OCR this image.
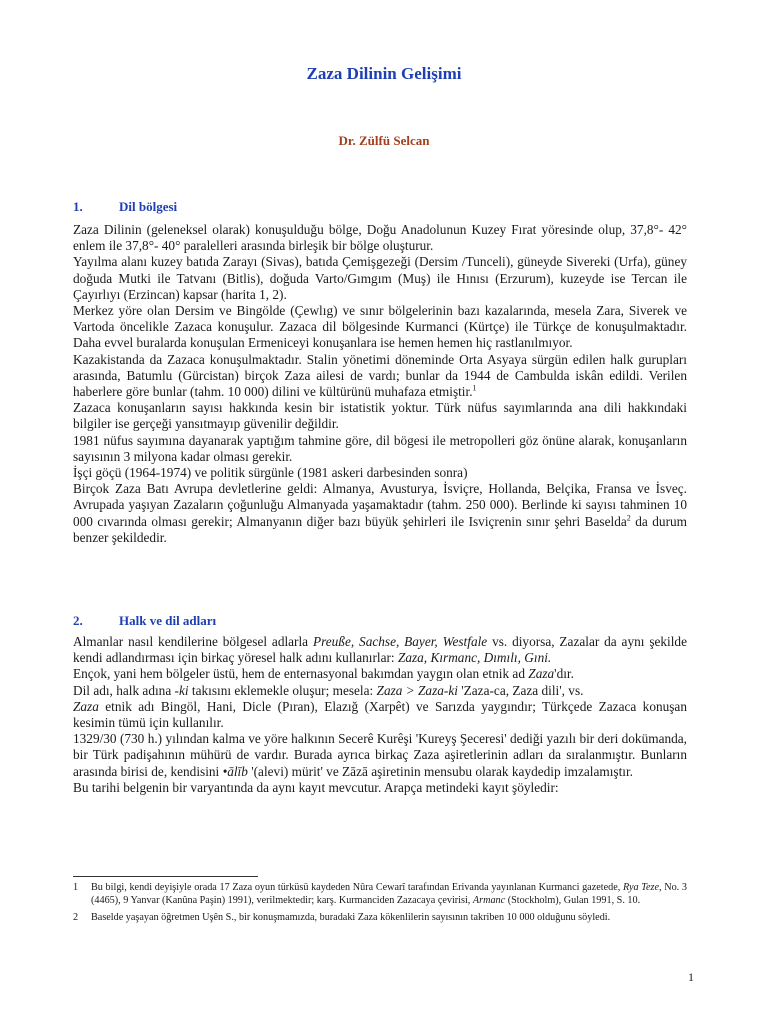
Zaza Dilinin Gelişimi
Dr. Zülfü Selcan
1.	Dil bölgesi

Zaza Dilinin (geleneksel olarak) konuşulduğu bölge, Doğu Anadolunun Kuzey Fırat yöresinde olup, 37,8°- 42° enlem ile 37,8°- 40° paralelleri arasında birleşik bir bölge oluşturur.

Yayılma alanı kuzey batıda Zarayı (Sivas), batıda Çemişgezeği (Dersim /Tunceli), güneyde Sivereki (Urfa), güney doğuda Mutki ile Tatvanı (Bitlis), doğuda Varto/Gımgım (Muş) ile Hınısı (Erzurum), kuzeyde ise Tercan ile Çayırlıyı (Erzincan) kapsar (harita 1, 2).

Merkez yöre olan Dersim ve Bingölde (Çewlıg) ve sınır bölgelerinin bazı kazalarında, mesela Zara, Siverek ve Vartoda öncelikle Zazaca konuşulur. Zazaca dil bölgesinde Kurmanci (Kürtçe) ile Türkçe de konuşulmaktadır. Daha evvel buralarda konuşulan Ermeniceyi konuşanlara ise hemen hemen hiç rastlanılmıyor.

Kazakistanda da Zazaca konuşulmaktadır. Stalin yönetimi döneminde Orta Asyaya sürgün edilen halk gurupları arasında, Batumlu (Gürcistan) birçok Zaza ailesi de vardı; bunlar da 1944 de Cambulda iskân edildi. Verilen haberlere göre bunlar (tahm. 10 000) dilini ve kültürünü muhafaza etmiştir.$^1$

Zazaca konuşanların sayısı hakkında kesin bir istatistik yoktur. Türk nüfus sayımlarında ana dili hakkındaki bilgiler ise gerçeği yansıtmayıp güvenilir değildir.

1981 nüfus sayımına dayanarak yaptığım tahmine göre, dil bögesi ile metropolleri göz önüne alarak, konuşanların sayısının 3 milyona kadar olması gerekir.

İşçi göçü (1964-1974) ve politik sürgünle (1981 askeri darbesinden sonra)

Birçok Zaza Batı Avrupa devletlerine geldi: Almanya, Avusturya, İsviçre, Hollanda, Belçika, Fransa ve İsveç. Avrupada yaşıyan Zazaların çoğunluğu Almanyada yaşamaktadır (tahm. 250 000). Berlinde ki sayısı tahminen 10 000 cıvarında olması gerekir; Almanyanın diğer bazı büyük şehirleri ile Isviçrenin sınır şehri Baselda$^2$ da durum benzer şekildedir.

2.	Halk ve dil adları

Almanlar nasıl kendilerine bölgesel adlarla Preuße, Sachse, Bayer, Westfale vs. diyorsa, Zazalar da aynı şekilde kendi adlandırması için birkaç yöresel halk adını kullanırlar: Zaza, Kırmanc, Dımılı, Gıni.

Ençok, yani hem bölgeler üstü, hem de enternasyonal bakımdan yaygın olan etnik ad Zaza'dır.

Dil adı, halk adına -ki takısını eklemekle oluşur; mesela: Zaza > Zaza-ki 'Zaza-ca, Zaza dili', vs.

Zaza etnik adı Bingöl, Hani, Dicle (Pıran), Elazığ (Xarpêt) ve Sarızda yaygındır; Türkçede Zazaca konuşan kesimin tümü için kullanılır.

1329/30 (730 h.) yılından kalma ve yöre halkının Secerê Kurêşi 'Kureyş Şeceresi' dediği yazılı bir deri dokümanda, bir Türk padişahının mühürü de vardır. Burada ayrıca birkaç Zaza aşiretlerinin adları da sıralanmıştır. Bunların arasında birisi de, kendisini •ālīb '(alevi) mürit' ve Zāzā aşiretinin mensubu olarak kaydedip imzalamıştır.

Bu tarihi belgenin bir varyantında da aynı kayıt mevcutur. Arapça metindeki kayıt şöyledir:

1 Bu bilgi, kendi deyişiyle orada 17 Zaza oyun türküsü kaydeden Nûra Cewarî tarafından Erivanda yayınlanan Kurmanci gazetede, Rya Teze, No. 3 (4465), 9 Yanvar (Kanûna Paşin) 1991), verilmektedir; karş. Kurmanciden Zazacaya çevirisi, Armanc (Stockholm), Gulan 1991, S. 10.
2 Baselde yaşayan öğretmen Uşên S., bir konuşmamızda, buradaki Zaza kökenlilerin sayısının takriben 10 000 olduğunu söyledi.
1
